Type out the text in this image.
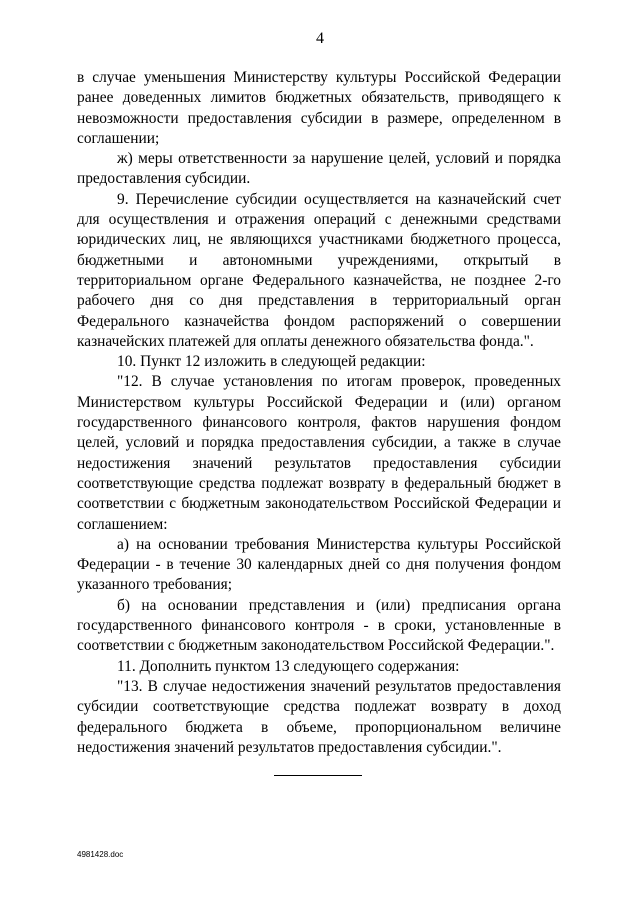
4

в случае уменьшения Министерству культуры Российской Федерации ранее доведенных лимитов бюджетных обязательств, приводящего к невозможности предоставления субсидии в размере, определенном в соглашении;

ж) меры ответственности за нарушение целей, условий и порядка предоставления субсидии.

9. Перечисление субсидии осуществляется на казначейский счет для осуществления и отражения операций с денежными средствами юридических лиц, не являющихся участниками бюджетного процесса, бюджетными и автономными учреждениями, открытый в территориальном органе Федерального казначейства, не позднее 2-го рабочего дня со дня представления в территориальный орган Федерального казначейства фондом распоряжений о совершении казначейских платежей для оплаты денежного обязательства фонда.".

10. Пункт 12 изложить в следующей редакции:

"12. В случае установления по итогам проверок, проведенных Министерством культуры Российской Федерации и (или) органом государственного финансового контроля, фактов нарушения фондом целей, условий и порядка предоставления субсидии, а также в случае недостижения значений результатов предоставления субсидии соответствующие средства подлежат возврату в федеральный бюджет в соответствии с бюджетным законодательством Российской Федерации и соглашением:

а) на основании требования Министерства культуры Российской Федерации - в течение 30 календарных дней со дня получения фондом указанного требования;

б) на основании представления и (или) предписания органа государственного финансового контроля - в сроки, установленные в соответствии с бюджетным законодательством Российской Федерации.".

11. Дополнить пунктом 13 следующего содержания:

"13. В случае недостижения значений результатов предоставления субсидии соответствующие средства подлежат возврату в доход федерального бюджета в объеме, пропорциональном величине недостижения значений результатов предоставления субсидии.".

4981428.doc
